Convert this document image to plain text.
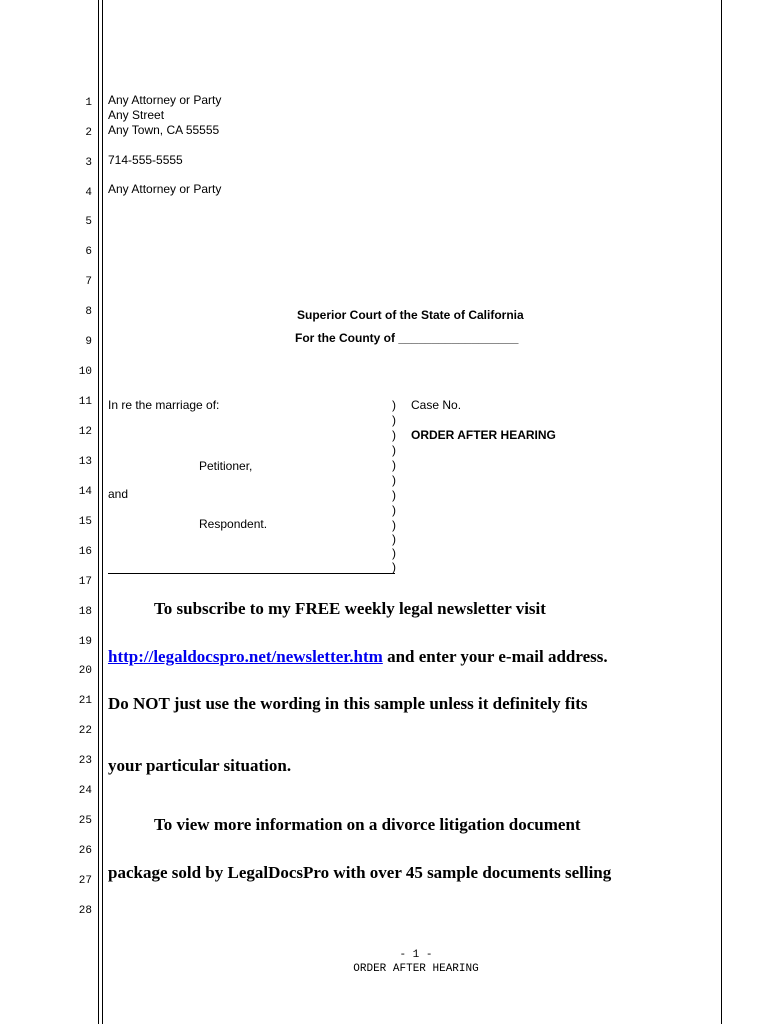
1
2
3
4
5
6
7
8
9
10
11
12
13
14
15
16
17
18
19
20
21
22
23
24
25
26
27
28
Any Attorney or Party
Any Street
Any Town, CA 55555
714-555-5555
Any Attorney or Party
Superior Court of the State of California
For the County of __________________
In re the marriage of:
Petitioner,
and
Respondent.
)
)
)
)
)
)
)
)
)
)
)
)
Case No.
ORDER AFTER HEARING
To subscribe to my FREE weekly legal newsletter visit
http://legaldocspro.net/newsletter.htm and enter your e-mail address.
Do NOT just use the wording in this sample unless it definitely fits
your particular situation.
To view more information on a divorce litigation document
package sold by LegalDocsPro with over 45 sample documents selling
- 1 -
ORDER AFTER HEARING
